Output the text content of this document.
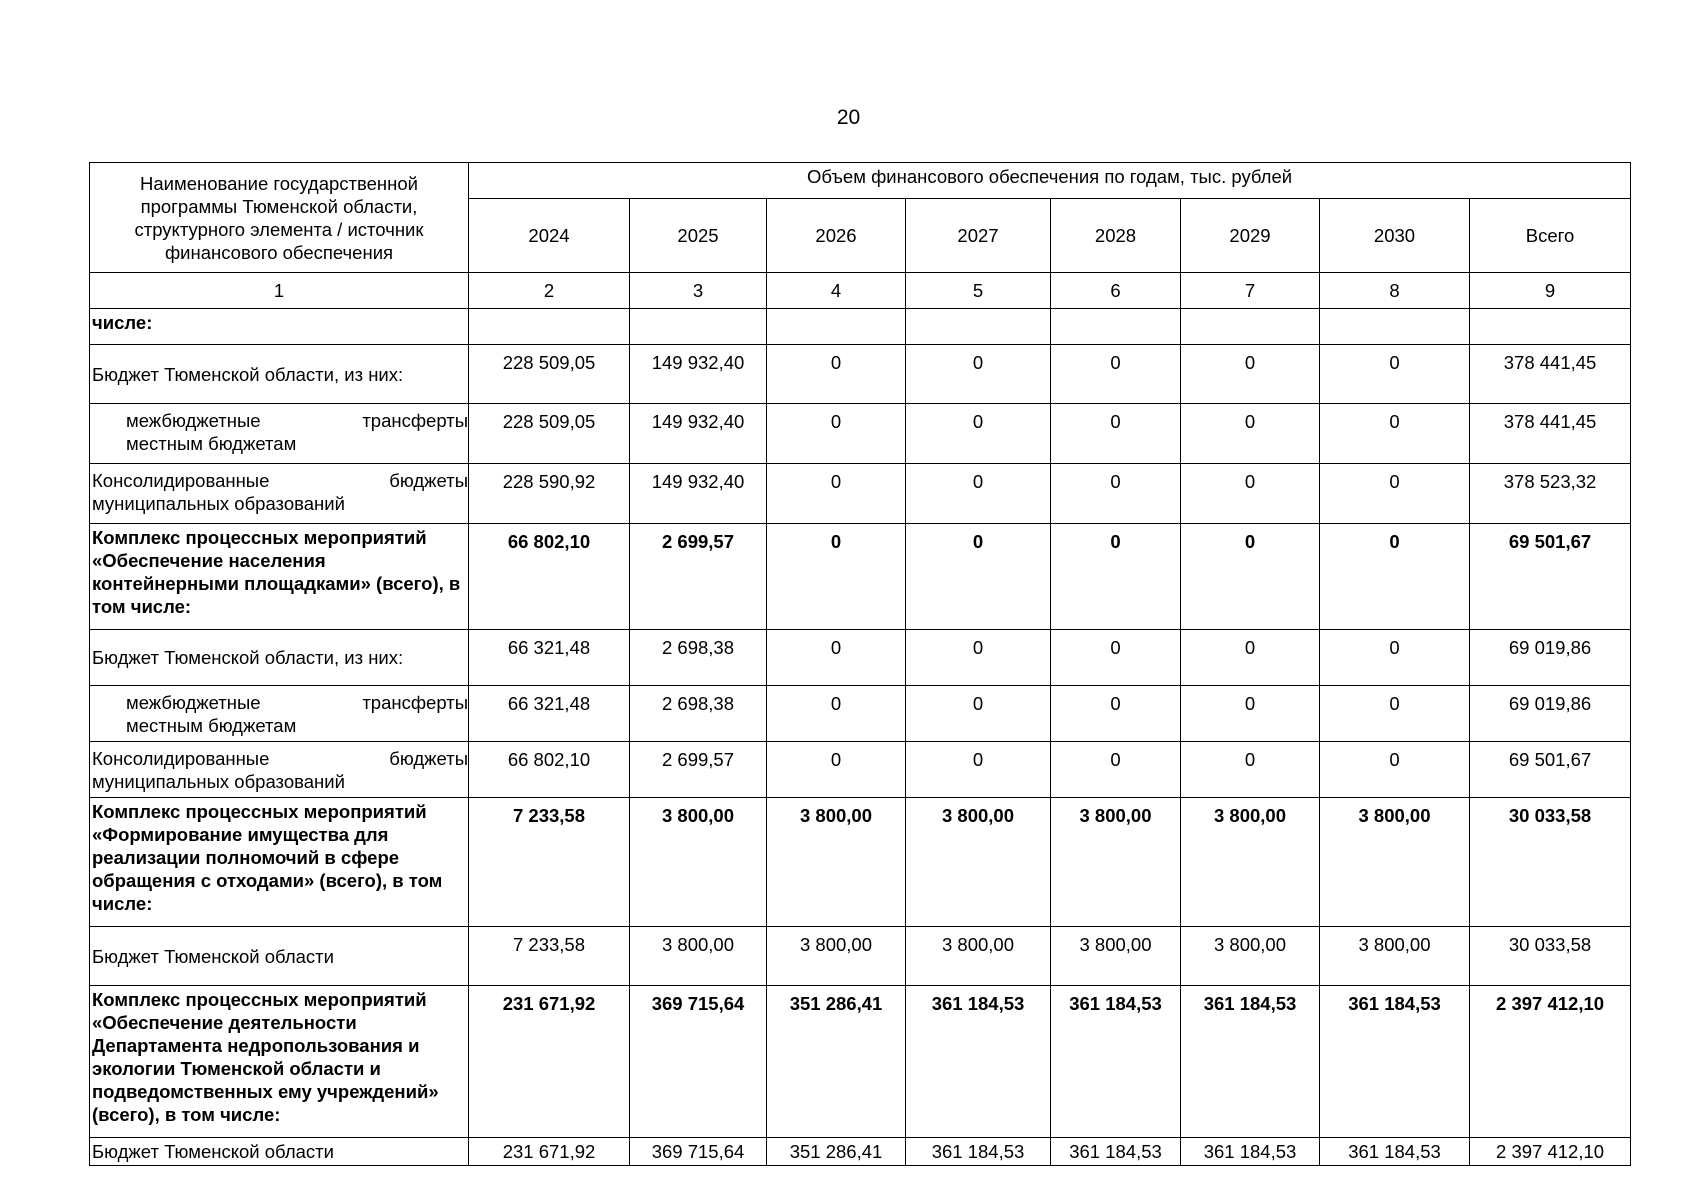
20
Наименование государственной программы Тюменской области, структурного элемента / источник финансового обеспечения	Объем финансового обеспечения по годам, тыс. рублей							
	2024	2025	2026	2027	2028	2029	2030	Всего
1	2	3	4	5	6	7	8	9
числе:								
Бюджет Тюменской области, из них:	228 509,05	149 932,40	0	0	0	0	0	378 441,45

межбюджетные трансферты
местным бюджетам	228 509,05	149 932,40	0	0	0	0	0	378 441,45

Консолидированные бюджеты
муниципальных образований	228 590,92	149 932,40	0	0	0	0	0	378 523,32
Комплекс процессных мероприятий «Обеспечение населения контейнерными площадками» (всего), в том числе:	66 802,10	2 699,57	0	0	0	0	0	69 501,67
Бюджет Тюменской области, из них:	66 321,48	2 698,38	0	0	0	0	0	69 019,86

межбюджетные трансферты
местным бюджетам	66 321,48	2 698,38	0	0	0	0	0	69 019,86

Консолидированные бюджеты
муниципальных образований	66 802,10	2 699,57	0	0	0	0	0	69 501,67
Комплекс процессных мероприятий «Формирование имущества для реализации полномочий в сфере обращения с отходами» (всего), в том числе:	7 233,58	3 800,00	3 800,00	3 800,00	3 800,00	3 800,00	3 800,00	30 033,58
Бюджет Тюменской области	7 233,58	3 800,00	3 800,00	3 800,00	3 800,00	3 800,00	3 800,00	30 033,58
Комплекс процессных мероприятий «Обеспечение деятельности Департамента недропользования и экологии Тюменской области и подведомственных ему учреждений» (всего), в том числе:	231 671,92	369 715,64	351 286,41	361 184,53	361 184,53	361 184,53	361 184,53	2 397 412,10
Бюджет Тюменской области	231 671,92	369 715,64	351 286,41	361 184,53	361 184,53	361 184,53	361 184,53	2 397 412,10
